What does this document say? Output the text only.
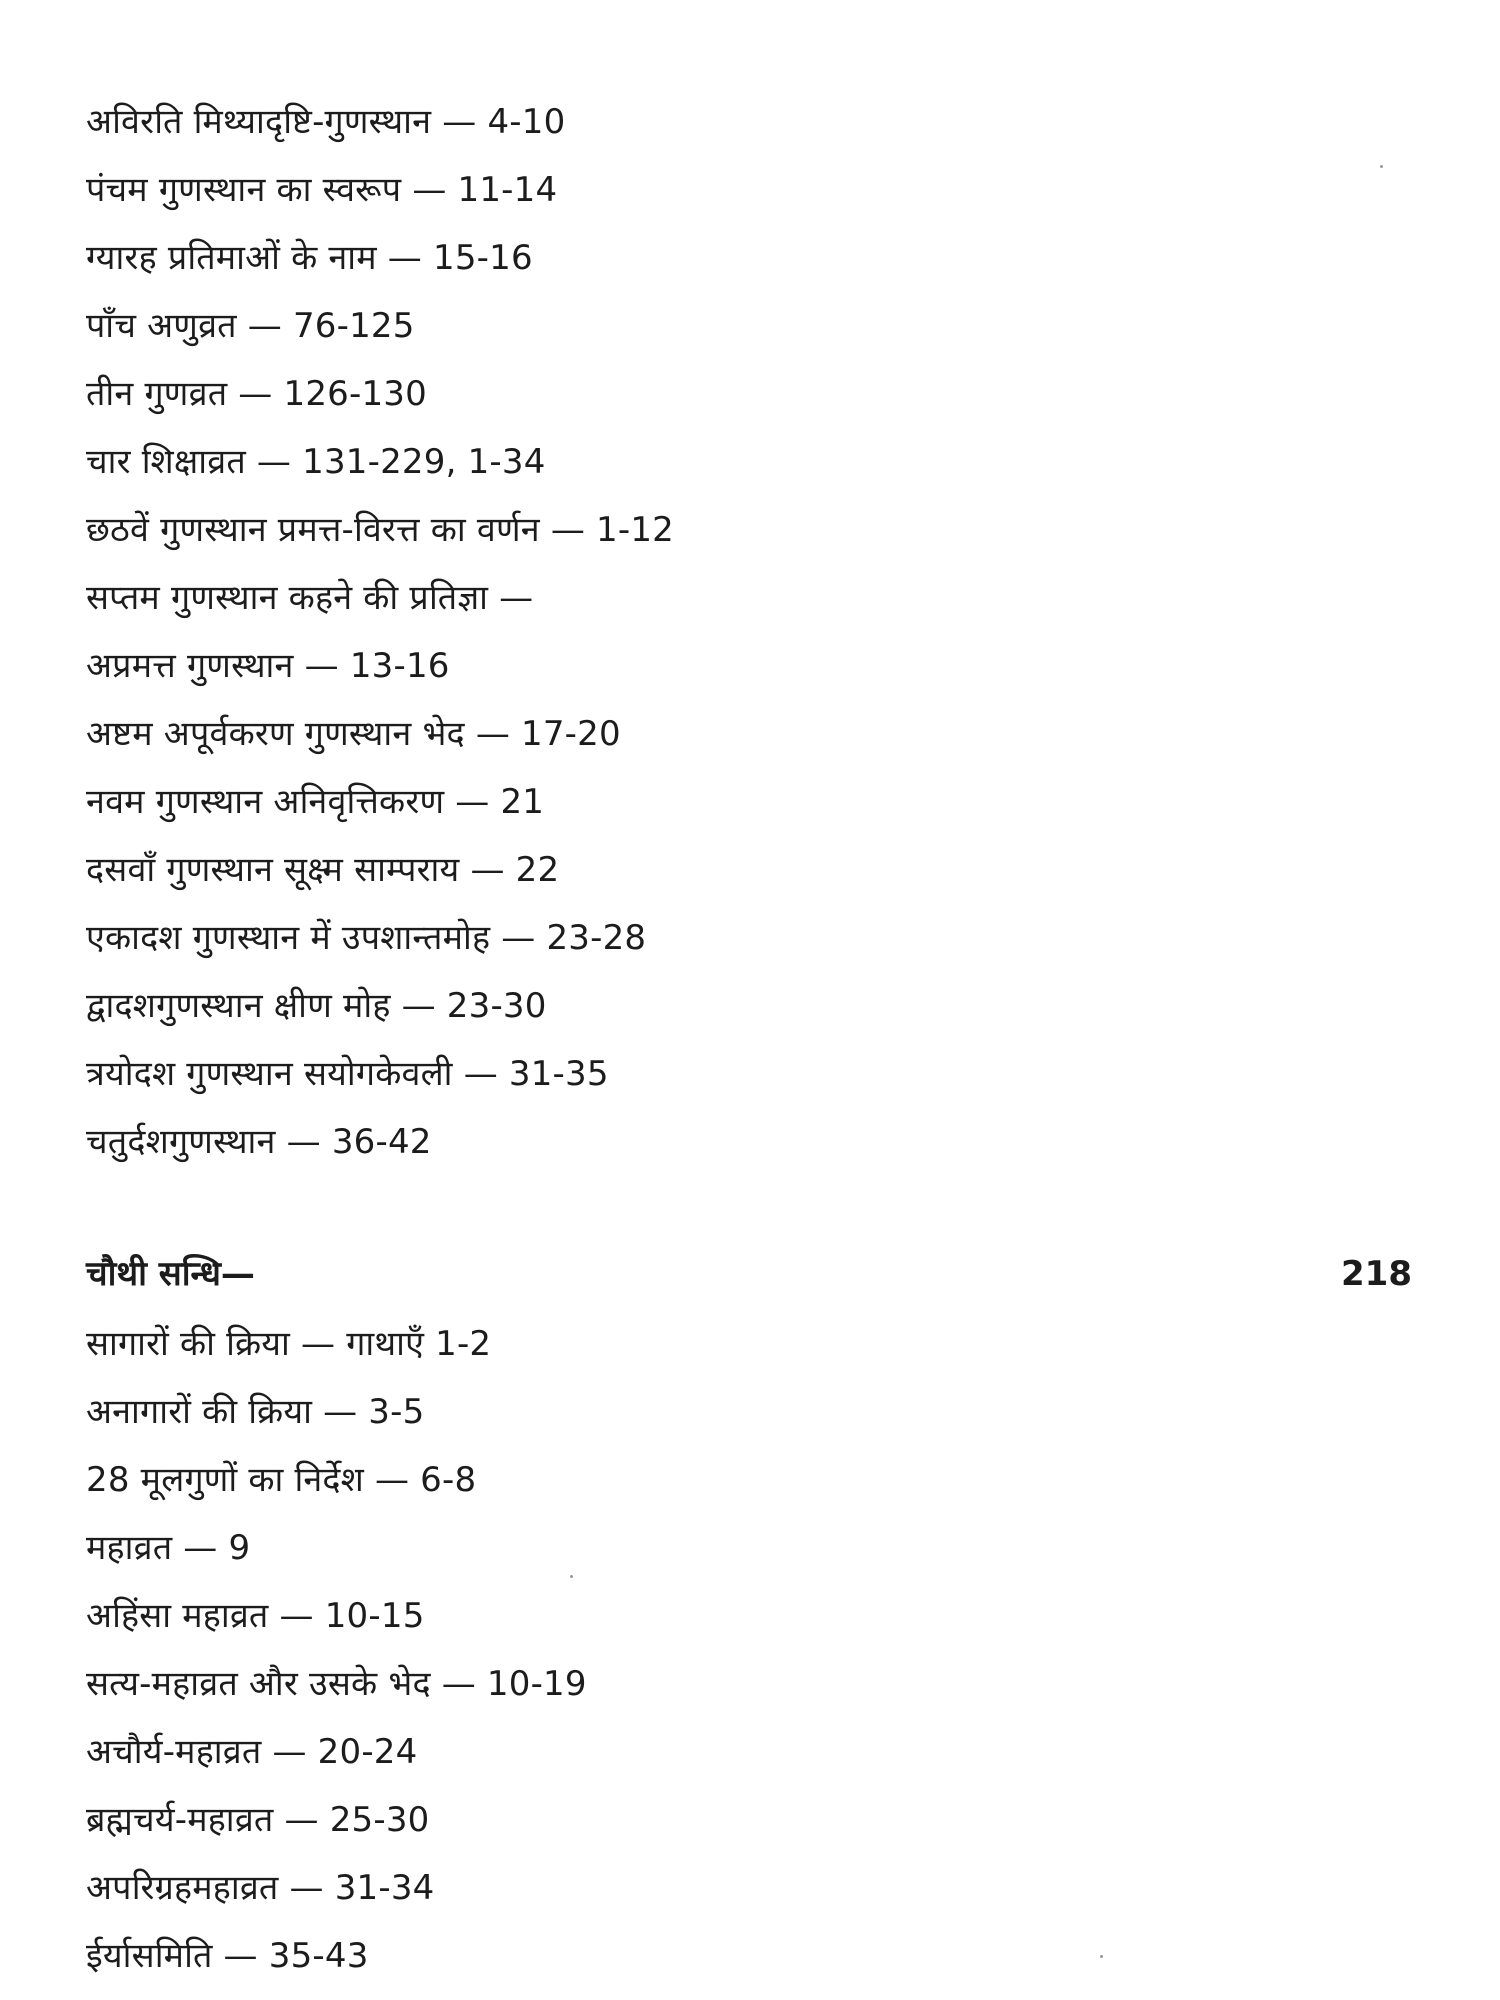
अविरति मिथ्यादृष्टि-गुणस्थान — 4-10
पंचम गुणस्थान का स्वरूप — 11-14
ग्यारह प्रतिमाओं के नाम — 15-16
पाँच अणुव्रत — 76-125
तीन गुणव्रत — 126-130
चार शिक्षाव्रत — 131-229, 1-34
छठवें गुणस्थान प्रमत्त-विरत्त का वर्णन — 1-12
सप्तम गुणस्थान कहने की प्रतिज्ञा —
अप्रमत्त गुणस्थान — 13-16
अष्टम अपूर्वकरण गुणस्थान भेद — 17-20
नवम गुणस्थान अनिवृत्तिकरण — 21
दसवाँ गुणस्थान सूक्ष्म साम्पराय — 22
एकादश गुणस्थान में उपशान्तमोह — 23-28
द्वादशगुणस्थान क्षीण मोह — 23-30
त्रयोदश गुणस्थान सयोगकेवली — 31-35
चतुर्दशगुणस्थान — 36-42
चौथी सन्धि—	218
सागारों की क्रिया — गाथाएँ 1-2
अनागारों की क्रिया — 3-5
28 मूलगुणों का निर्देश — 6-8
महाव्रत — 9
अहिंसा महाव्रत — 10-15
सत्य-महाव्रत और उसके भेद — 10-19
अचौर्य-महाव्रत — 20-24
ब्रह्मचर्य-महाव्रत — 25-30
अपरिग्रहमहाव्रत — 31-34
ईर्यासमिति — 35-43
